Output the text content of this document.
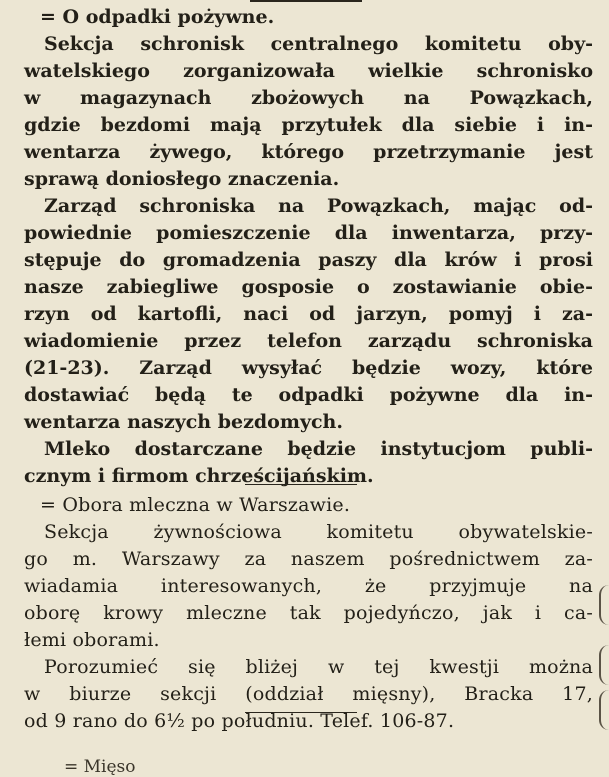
= O odpadki pożywne.
Sekcja schronisk centralnego komitetu oby-
watelskiego zorganizowała wielkie schronisko
w magazynach zbożowych na Powązkach,
gdzie bezdomi mają przytułek dla siebie i in-
wentarza żywego, którego przetrzymanie jest
sprawą doniosłego znaczenia.
Zarząd schroniska na Powązkach, mając od-
powiednie pomieszczenie dla inwentarza, przy-
stępuje do gromadzenia paszy dla krów i prosi
nasze zabiegliwe gosposie o zostawianie obie-
rzyn od kartofli, naci od jarzyn, pomyj i za-
wiadomienie przez telefon zarządu schroniska
(21-23). Zarząd wysyłać będzie wozy, które
dostawiać będą te odpadki pożywne dla in-
wentarza naszych bezdomych.
Mleko dostarczane będzie instytucjom publi-
cznym i firmom chrześcijańskim.
= Obora mleczna w Warszawie.
Sekcja żywnościowa komitetu obywatelskie-
go m. Warszawy za naszem pośrednictwem za-
wiadamia interesowanych, że przyjmuje na
oborę krowy mleczne tak pojedyńczo, jak i ca-
łemi oborami.
Porozumieć się bliżej w tej kwestji można
w biurze sekcji (oddział mięsny), Bracka 17,
od 9 rano do 6½ po południu. Telef. 106-87.
= Mięso
